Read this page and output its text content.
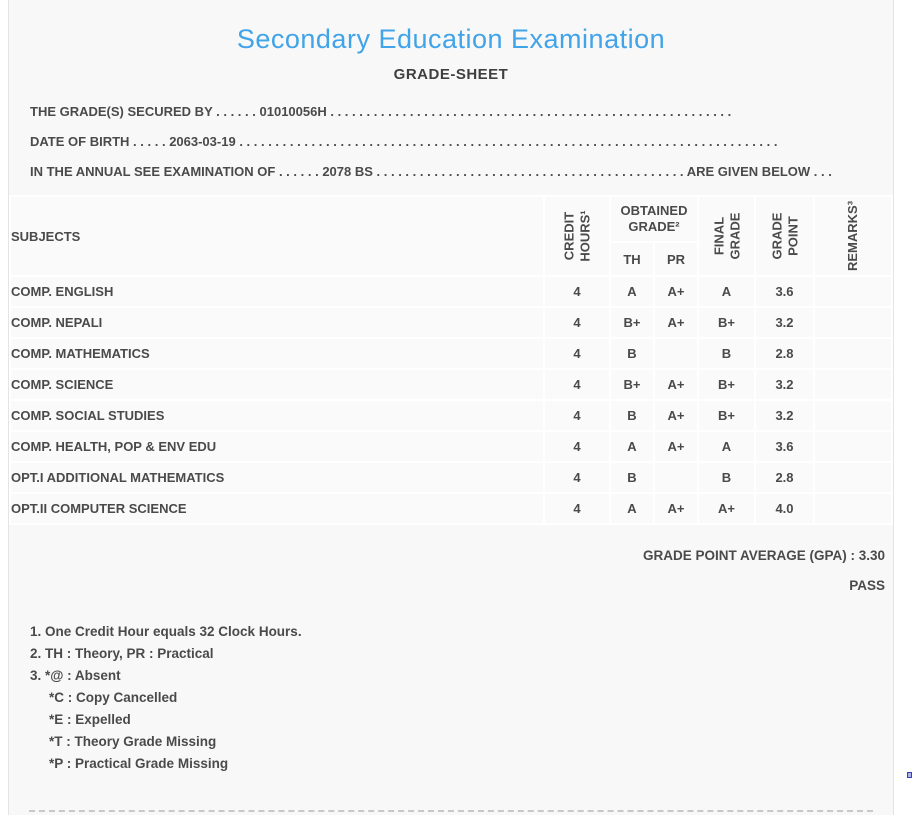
Secondary Education Examination
GRADE-SHEET
THE GRADE(S) SECURED BY . . . . . . 01010056H . . . . . . . . . . . . . . . . . . . . . . . . . . . . . . . . . . . . . . . . . . . . . . . . . . . . . . . .
DATE OF BIRTH . . . . . 2063-03-19 . . . . . . . . . . . . . . . . . . . . . . . . . . . . . . . . . . . . . . . . . . . . . . . . . . . . . . . . . . . . . . . . . . . . . . . . . . .
IN THE ANNUAL SEE EXAMINATION OF . . . . . . 2078 BS . . . . . . . . . . . . . . . . . . . . . . . . . . . . . . . . . . . . . . . . . . . ARE GIVEN BELOW . . .
SUBJECTS	CREDIT HOURS¹	OBTAINED GRADE²		FINAL GRADE	GRADE POINT	REMARKS³

		TH	PR			
COMP. ENGLISH	4	A	A+	A	3.6	
COMP. NEPALI	4	B+	A+	B+	3.2	
COMP. MATHEMATICS	4	B		B	2.8	
COMP. SCIENCE	4	B+	A+	B+	3.2	
COMP. SOCIAL STUDIES	4	B	A+	B+	3.2	
COMP. HEALTH, POP & ENV EDU	4	A	A+	A	3.6	
OPT.I ADDITIONAL MATHEMATICS	4	B		B	2.8	
OPT.II COMPUTER SCIENCE	4	A	A+	A+	4.0	
GRADE POINT AVERAGE (GPA) : 3.30
PASS
1. One Credit Hour equals 32 Clock Hours.
2. TH : Theory, PR : Practical
3. *@ : Absent
*C : Copy Cancelled
*E : Expelled
*T : Theory Grade Missing
*P : Practical Grade Missing
